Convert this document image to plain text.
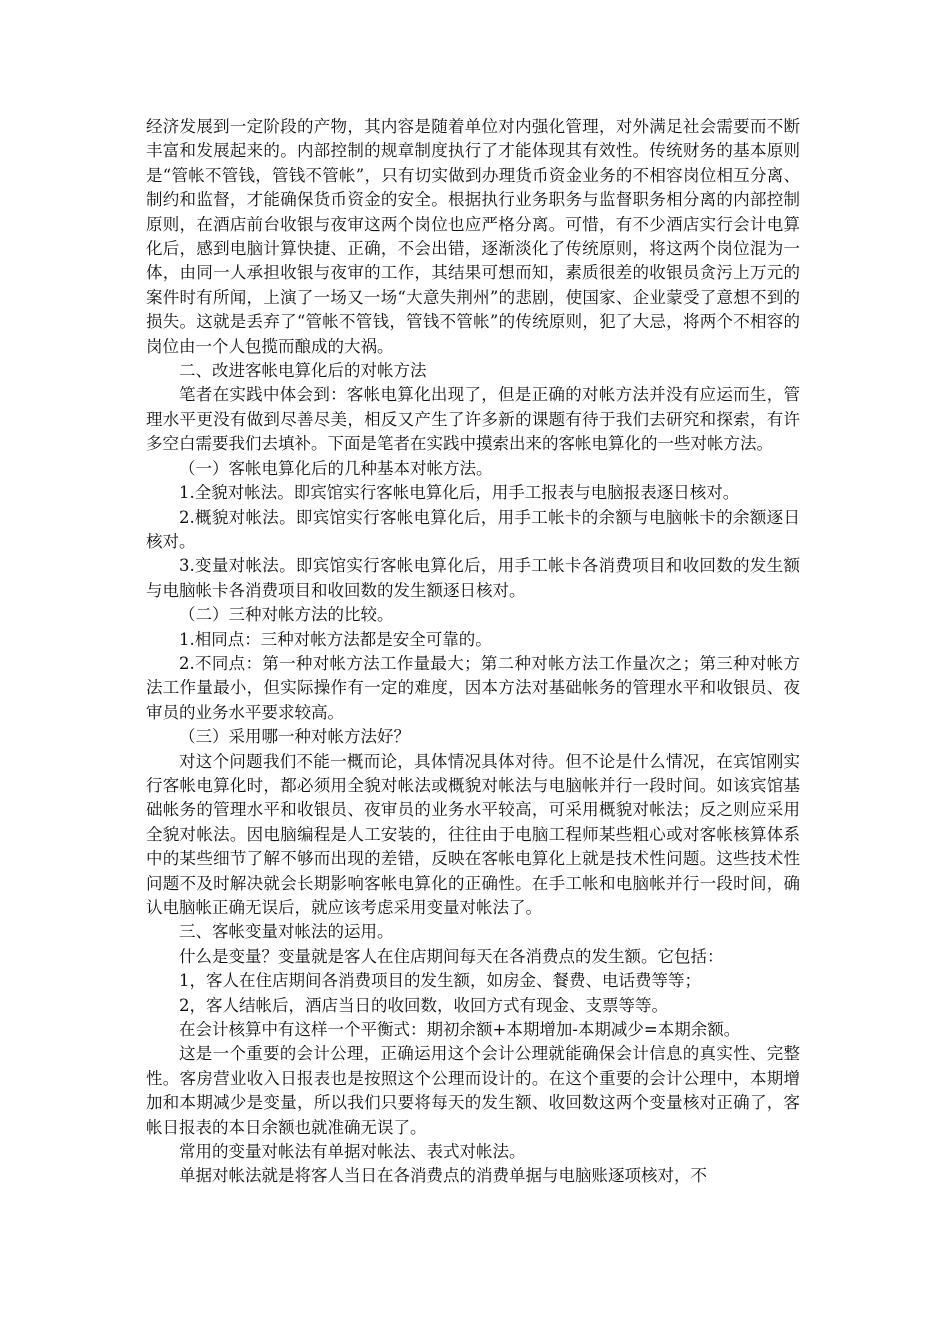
经济发展到一定阶段的产物，其内容是随着单位对内强化管理，对外满足社会需要而不断丰富和发展起来的。内部控制的规章制度执行了才能体现其有效性。传统财务的基本原则是“管帐不管钱，管钱不管帐”，只有切实做到办理货币资金业务的不相容岗位相互分离、制约和监督，才能确保货币资金的安全。根据执行业务职务与监督职务相分离的内部控制原则，在酒店前台收银与夜审这两个岗位也应严格分离。可惜，有不少酒店实行会计电算化后，感到电脑计算快捷、正确，不会出错，逐渐淡化了传统原则，将这两个岗位混为一体，由同一人承担收银与夜审的工作，其结果可想而知，素质很差的收银员贪污上万元的案件时有所闻，上演了一场又一场“大意失荆州”的悲剧，使国家、企业蒙受了意想不到的损失。这就是丢弃了“管帐不管钱，管钱不管帐”的传统原则，犯了大忌，将两个不相容的岗位由一个人包揽而酿成的大祸。

二、改进客帐电算化后的对帐方法

笔者在实践中体会到：客帐电算化出现了，但是正确的对帐方法并没有应运而生，管理水平更没有做到尽善尽美，相反又产生了许多新的课题有待于我们去研究和探索，有许多空白需要我们去填补。下面是笔者在实践中摸索出来的客帐电算化的一些对帐方法。

（一）客帐电算化后的几种基本对帐方法。

1.全貌对帐法。即宾馆实行客帐电算化后，用手工报表与电脑报表逐日核对。

2.概貌对帐法。即宾馆实行客帐电算化后，用手工帐卡的余额与电脑帐卡的余额逐日核对。

3.变量对帐法。即宾馆实行客帐电算化后，用手工帐卡各消费项目和收回数的发生额与电脑帐卡各消费项目和收回数的发生额逐日核对。

（二）三种对帐方法的比较。

1.相同点：三种对帐方法都是安全可靠的。

2.不同点：第一种对帐方法工作量最大；第二种对帐方法工作量次之；第三种对帐方法工作量最小，但实际操作有一定的难度，因本方法对基础帐务的管理水平和收银员、夜审员的业务水平要求较高。

（三）采用哪一种对帐方法好？

对这个问题我们不能一概而论，具体情况具体对待。但不论是什么情况，在宾馆刚实行客帐电算化时，都必须用全貌对帐法或概貌对帐法与电脑帐并行一段时间。如该宾馆基础帐务的管理水平和收银员、夜审员的业务水平较高，可采用概貌对帐法；反之则应采用全貌对帐法。因电脑编程是人工安装的，往往由于电脑工程师某些粗心或对客帐核算体系中的某些细节了解不够而出现的差错，反映在客帐电算化上就是技术性问题。这些技术性问题不及时解决就会长期影响客帐电算化的正确性。在手工帐和电脑帐并行一段时间，确认电脑帐正确无误后，就应该考虑采用变量对帐法了。

三、客帐变量对帐法的运用。

什么是变量？变量就是客人在住店期间每天在各消费点的发生额。它包括：

1，客人在住店期间各消费项目的发生额，如房金、餐费、电话费等等；

2，客人结帐后，酒店当日的收回数，收回方式有现金、支票等等。

在会计核算中有这样一个平衡式：期初余额+本期增加-本期减少=本期余额。

这是一个重要的会计公理，正确运用这个会计公理就能确保会计信息的真实性、完整性。客房营业收入日报表也是按照这个公理而设计的。在这个重要的会计公理中，本期增加和本期减少是变量，所以我们只要将每天的发生额、收回数这两个变量核对正确了，客帐日报表的本日余额也就准确无误了。

常用的变量对帐法有单据对帐法、表式对帐法。

单据对帐法就是将客人当日在各消费点的消费单据与电脑账逐项核对，不
